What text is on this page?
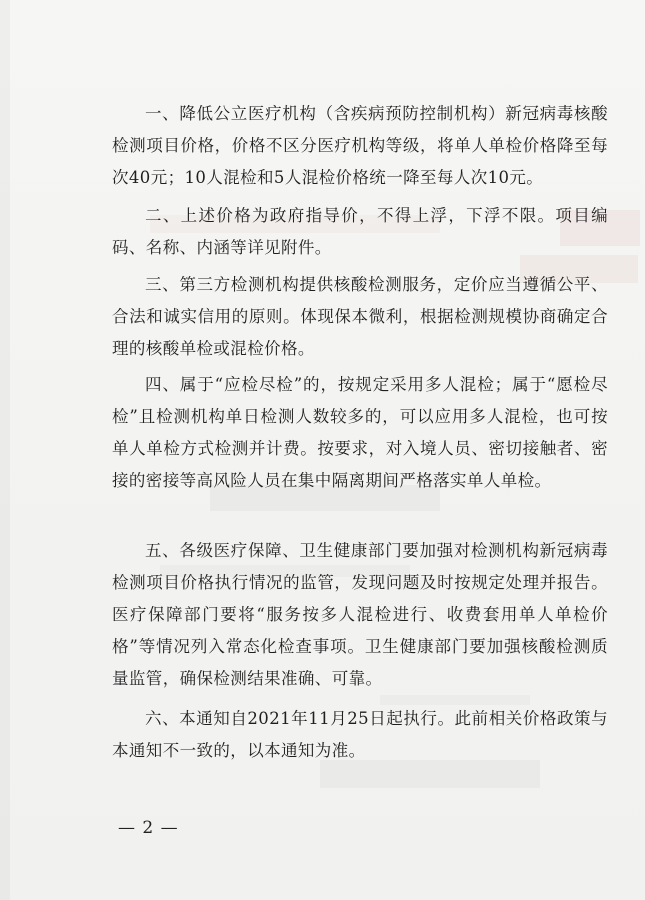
一、降低公立医疗机构（含疾病预防控制机构）新冠病毒核酸检测项目价格，价格不区分医疗机构等级，将单人单检价格降至每次40元；10人混检和5人混检价格统一降至每人次10元。

二、上述价格为政府指导价，不得上浮，下浮不限。项目编码、名称、内涵等详见附件。

三、第三方检测机构提供核酸检测服务，定价应当遵循公平、合法和诚实信用的原则。体现保本微利，根据检测规模协商确定合理的核酸单检或混检价格。

四、属于“应检尽检”的，按规定采用多人混检；属于“愿检尽检”且检测机构单日检测人数较多的，可以应用多人混检，也可按单人单检方式检测并计费。按要求，对入境人员、密切接触者、密接的密接等高风险人员在集中隔离期间严格落实单人单检。

五、各级医疗保障、卫生健康部门要加强对检测机构新冠病毒检测项目价格执行情况的监管，发现问题及时按规定处理并报告。医疗保障部门要将“服务按多人混检进行、收费套用单人单检价格”等情况列入常态化检查事项。卫生健康部门要加强核酸检测质量监管，确保检测结果准确、可靠。

六、本通知自2021年11月25日起执行。此前相关价格政策与本通知不一致的，以本通知为准。

— 2 —
